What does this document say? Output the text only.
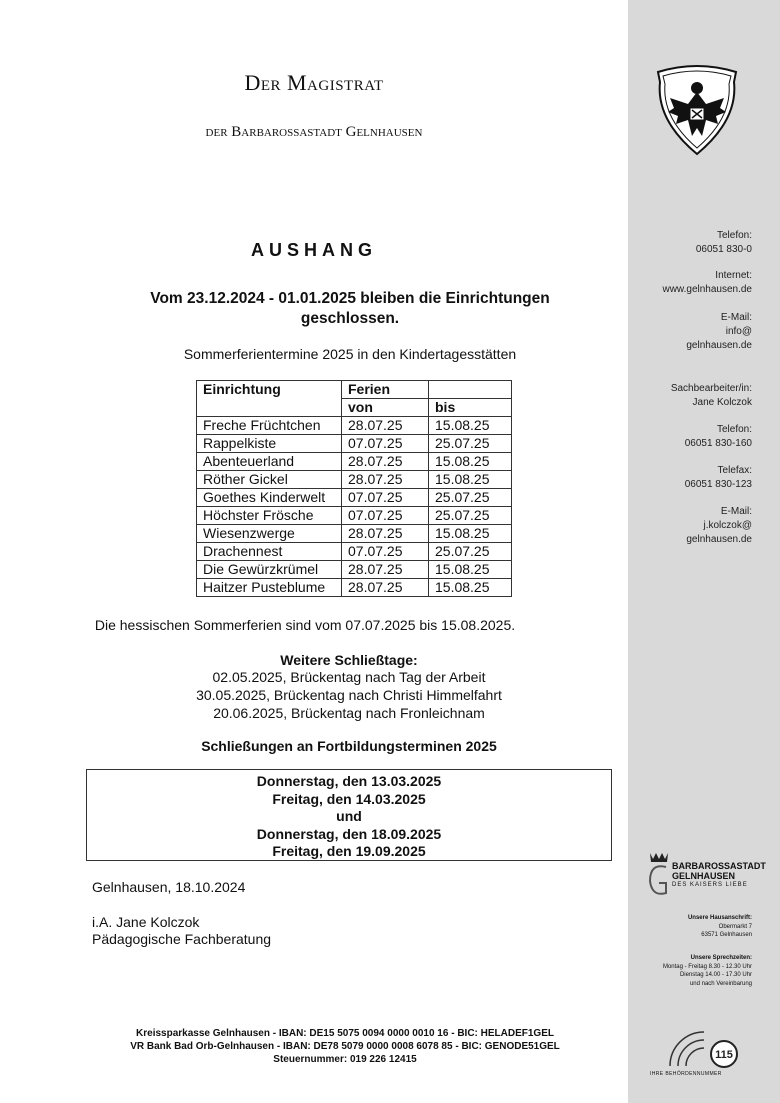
Der Magistrat
der Barbarossastadt Gelnhausen
AUSHANG
Vom 23.12.2024 - 01.01.2025 bleiben die Einrichtungen
geschlossen.
Sommerferientermine 2025 in den Kindertagesstätten
Einrichtung	Ferien	
	von	bis
Freche Früchtchen	28.07.25	15.08.25
Rappelkiste	07.07.25	25.07.25
Abenteuerland	28.07.25	15.08.25
Röther Gickel	28.07.25	15.08.25
Goethes Kinderwelt	07.07.25	25.07.25
Höchster Frösche	07.07.25	25.07.25
Wiesenzwerge	28.07.25	15.08.25
Drachennest	07.07.25	25.07.25
Die Gewürzkrümel	28.07.25	15.08.25
Haitzer Pusteblume	28.07.25	15.08.25
Die hessischen Sommerferien sind vom 07.07.2025 bis 15.08.2025.
Weitere Schließtage:
02.05.2025, Brückentag nach Tag der Arbeit
30.05.2025, Brückentag nach Christi Himmelfahrt
20.06.2025, Brückentag nach Fronleichnam
Schließungen an Fortbildungsterminen 2025
Donnerstag, den 13.03.2025
Freitag, den 14.03.2025
und
Donnerstag, den 18.09.2025
Freitag, den 19.09.2025
Gelnhausen, 18.10.2024
i.A. Jane Kolczok
Pädagogische Fachberatung
Kreissparkasse Gelnhausen - IBAN: DE15 5075 0094 0000 0010 16 - BIC: HELADEF1GEL
VR Bank Bad Orb-Gelnhausen - IBAN: DE78 5079 0000 0008 6078 85 - BIC: GENODE51GEL
Steuernummer: 019 226 12415
Telefon:
06051 830-0
Internet:
www.gelnhausen.de
E-Mail:
info@
gelnhausen.de
Sachbearbeiter/in:
Jane Kolczok
Telefon:
06051 830-160
Telefax:
06051 830-123
E-Mail:
j.kolczok@
gelnhausen.de
BARBAROSSASTADT
GELNHAUSEN
DES KAISERS LIEBE
Unsere Hausanschrift:
Obermarkt 7
63571 Gelnhausen
Unsere Sprechzeiten:
Montag - Freitag 8.30 - 12.30 Uhr
Dienstag 14.00 - 17.30 Uhr
und nach Vereinbarung
115
IHRE BEHÖRDENNUMMER
